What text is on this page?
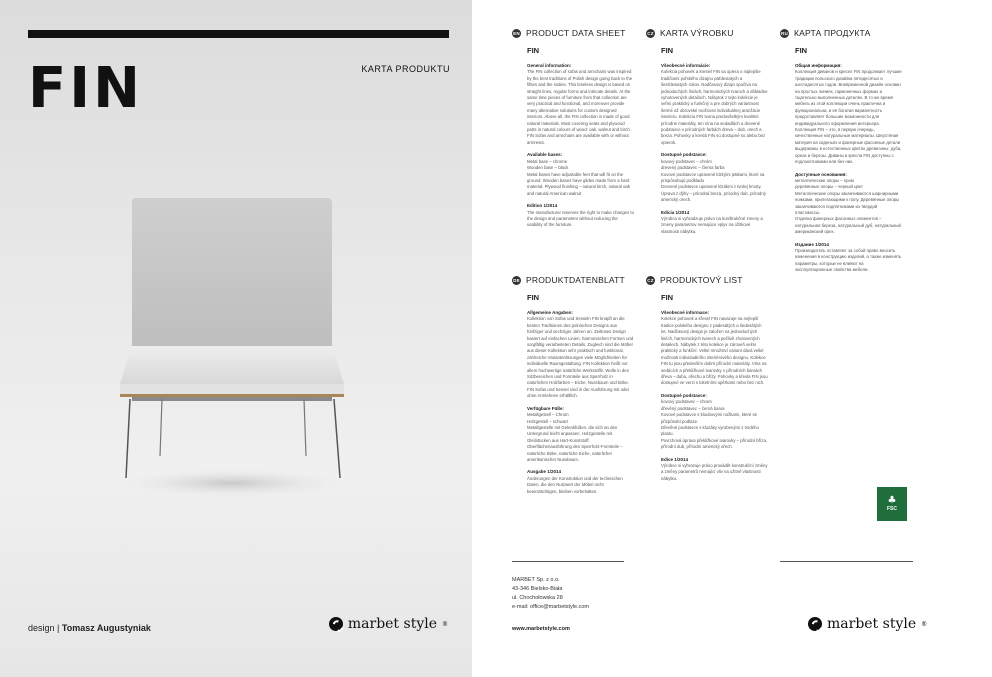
FIN	KARTA PRODUKTU
design | Tomasz Augustyniak	marbet style ®
EN PRODUCT DATA SHEET
FIN
General information:

The FIN collection of sofas and armchairs was inspired by the best traditions of Polish design going back to the fifties and the sixties. This timeless design is based on straight lines, regular forms and intricate details. At the same time pieces of furniture from that collection are very practical and functional, and moreover provide many alternative solutions for custom designed interiors. Above all, the FIN collection is made of good natural materials. Most covering seats and plywood parts in natural colours of wood: oak, walnut and birch. FIN Sofas and armchairs are available with or without armrests.

Available bases:

Metal base – chrome
Wooden base – black
Metal bases have adjustable feet that will fit on the ground. Wooden bases have glides made from a hard material. Plywood finishing – natural birch, natural oak and natural American walnut

Edition 1/2014

The manufacturer reserves the right to make changes to the design and parameters without reducing the usability of the furniture.

CZ KARTA VÝROBKU
FIN
Všeobecné informácie:

Kolekcia pohovek a kresiel FIN sa opiera o najlepšie tradičiami poľského dizajnu päťdesiatych a šesťdesiatych rokov. Nadčasový dizajn spočíva na jednoduchých líniách, harmonických tvaroch a dôkladne vyhotovených detailoch. Nábytok z tejto kolekcie je veľmi praktický a funkčný a pre dobrých variantnost šetrné až obrovské možnosti individuálnej aranžácie interieru. Kolekciu FIN tvoria predovšetkým kvalitné prírodné materiály, ten sína na sedadlách a drevené podstavce v prírodných farbách dreva – dub, orech a breza. Pohovky a kreslá FIN sú dostupné so alebo bez opierok.

Dostupné podstavce:

kovový podstavec – chróm
drevený podstavec – čierna farba
Kovové podstavce upravené klzkými pätkami, ktoré sa prispôsobujú podkladu
Drevené podstavce upravené klzákmi z tvrdej hmoty. Úprava z dýhy – prírodná breza, prírodný dub, prírodný americký orech.

Edícia 1/2014

Výrobca si vyhradzuje právo na konštrukčné zmeny a zmeny parametrov nemajúce vplyv na úžitkové vlastnosti nábytku.

RU КАРТА ПРОДУКТА
FIN
Общая информация:

Коллекция диванов и кресел FIN продолжает лучшие традиции польского дизайна пятидесятых и шестидесятых годов. Вневременной дизайн основан на простых линиях, гармоничных формах и тщательно выполненных деталях. В то же время мебель из этой коллекции очень практична и функциональна, и её богатая вариантность предоставляет большие возможности для индивидуального оформления интерьера. Коллекция FIN – это, в первую очередь, качественные натуральные материалы. Шерстяная материя на сиденьях и фанерные фасонные детали выдержаны в естественных цветах древесины: дуба, ореха и березы. Диваны и кресла FIN доступны с подлокотниками или без них.

Доступные основания:

металлические опоры – хром
деревянные опоры – черный цвет
Металлические опоры заканчиваются шарнирными ножками, прилегающими к полу. Деревянные опоры заканчиваются подпятниками из твердой пластмассы.
Отделка фанерных фасонных элементов – натуральная береза, натуральный дуб, натуральный американский орех.

Издание 1/2014

Производитель оставляет за собой право вносить изменения в конструкцию изделий, а также изменять параметры, которые не влияют на эксплуатационные свойства мебели.

DE PRODUKTDATENBLATT
FIN
Allgemeine Angaben:

Kollektion von Sofas und Sesseln FIN knüpft an die besten Traditionen des polnischen Designs aus fünfziger und sechziger Jahren an. Zeitloses Design basiert auf einfachen Linien, harmonischen Formen und sorgfältig verarbeiteten Details. Zugleich sind die Möbel aus dieser Kollektion sehr praktisch und funktional, zahlreiche Variantenlösungen viele Möglichkeiten für individuelle Raumgestaltung. FIN Kollektion heißt vor allem hochwertige natürliche Werkstoffe. Wolle in den Sitzbereichen und Formteile aus Sperrholz in natürlichen Holzfarben – Eiche, Nussbaum und Birke. FIN Sofas und Sessel sind in der Ausführung mit oder ohne Armlehnen erhältlich.

Verfügbare Füße:

Metallgestell – Chrom
Holzgestell – schwarz
Metallgestelle mit Gelenkfüßen, die sich an den Untergrund leicht anpassen. Holzgestelle mit Gleitstücken aus Hart-Kunststoff. Oberflächenausführung des Sperrholz-Formteile – natürliche Birke, natürliche Eiche, natürlicher amerikanischer Nussbaum.

Ausgabe 1/2014

Änderungen der Konstruktion und der technischen Daten, die den Nutzwert der Möbel nicht beeinträchtigen, bleiben vorbehalten.

CZ PRODUKTOVÝ LIST
FIN
Všeobecné informace:

Kolekce pohovek a křesel FIN navazuje na nejlepší tradice polského designu z padesátých a šedesátých let. Nadčasový design je založen na jednoduchých liniích, harmonických tvarech a pečlivě zhotovených detailech. Nábytek z této kolekce je zároveň velmi praktický a funkční. Velké množství variant dává velké možnosti individuálního interiérového designu. Kolekce FIN tu jsou především dobré přírodní materiály. Vlna na sedácích a překližkové tvarovky v přírodních barvách dřeva – dubu, ořechu a břízy. Pohovky a křesla FIN jsou dostupné ve verzi s loketními opěrkami nebo bez nich.

Dostupné podstavce:

kovový podstavec – chrom
dřevěný podstavec – černá barva
Kovové podstavce s kloubovými nožkami, které se přizpůsobí podlaze.
Dřevěné podstavce s kluzáky vyrobenými z tvrdého plastu.
Povrchová úprava překližkové tvarovky – přírodní bříza, přírodní dub, přírodní americký ořech.

Edice 1/2014

Výrobce si vyhrazuje právo provádět konstrukční změny a změny parametrů nemající vliv na užitné vlastnosti nábytku.

♣
FSC
MARBET Sp. z o.o.
43-346 Bielsko-Biała
ul. Chochołowska 28
e-mail: office@marbetstyle.com
www.marbetstyle.com	marbet style ®
